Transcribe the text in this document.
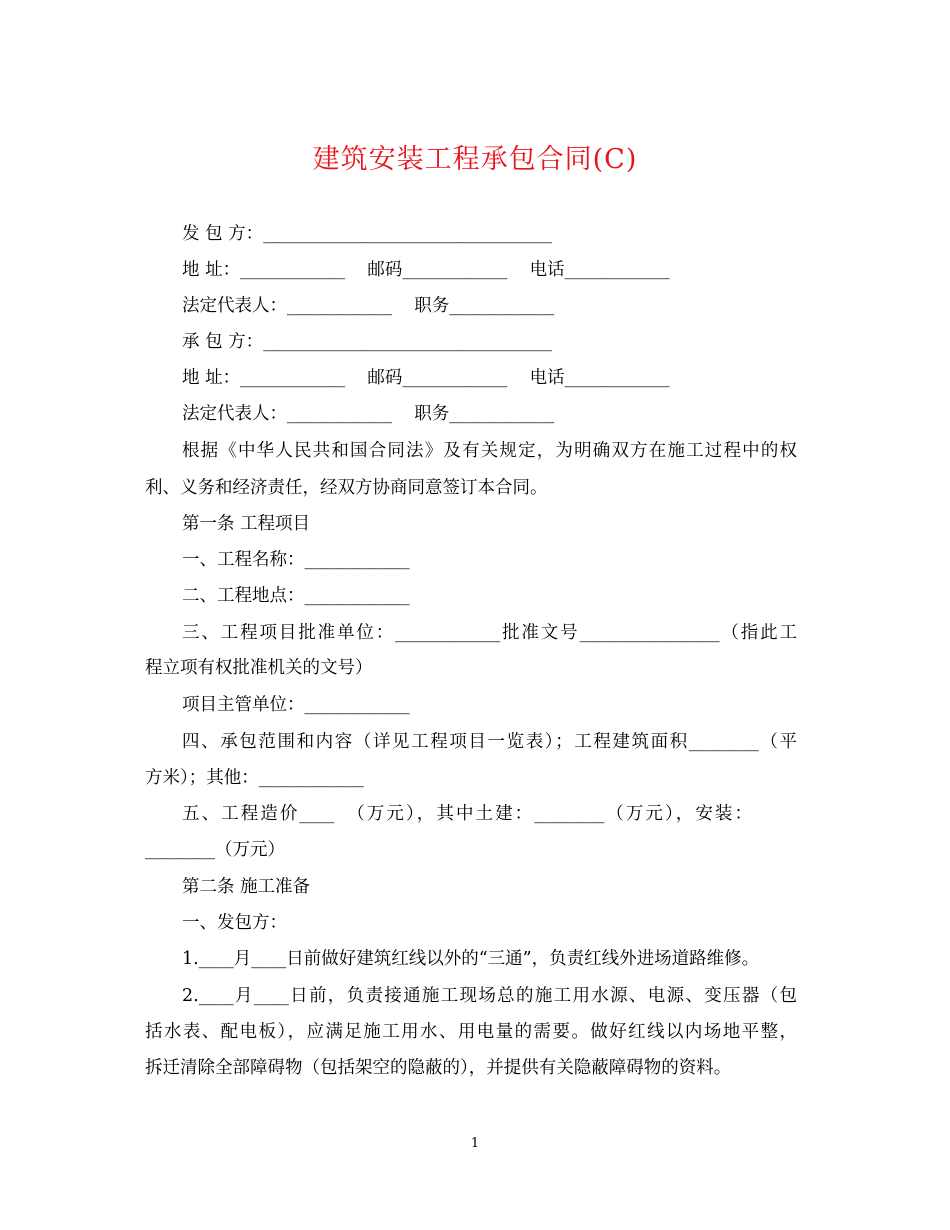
建筑安装工程承包合同(C)
发 包 方：_________________________________
地 址：____________    邮码____________    电话____________
法定代表人：____________    职务____________
承 包 方：_________________________________
地 址：____________    邮码____________    电话____________
法定代表人：____________    职务____________
根据《中华人民共和国合同法》及有关规定，为明确双方在施工过程中的权
利、义务和经济责任，经双方协商同意签订本合同。
第一条 工程项目
一、工程名称：____________
二、工程地点：____________
三、工程项目批准单位：____________批准文号________________（指此工
程立项有权批准机关的文号）
项目主管单位：____________
四、承包范围和内容（详见工程项目一览表）；工程建筑面积________（平
方米）；其他：____________
五、工程造价____　（万元），其中土建：________（万元），安装：
________（万元）
第二条 施工准备
一、发包方：
1.____月____日前做好建筑红线以外的“三通”，负责红线外进场道路维修。
2.____月____日前，负责接通施工现场总的施工用水源、电源、变压器（包
括水表、配电板），应满足施工用水、用电量的需要。做好红线以内场地平整，
拆迁清除全部障碍物（包括架空的隐蔽的），并提供有关隐蔽障碍物的资料。
1
